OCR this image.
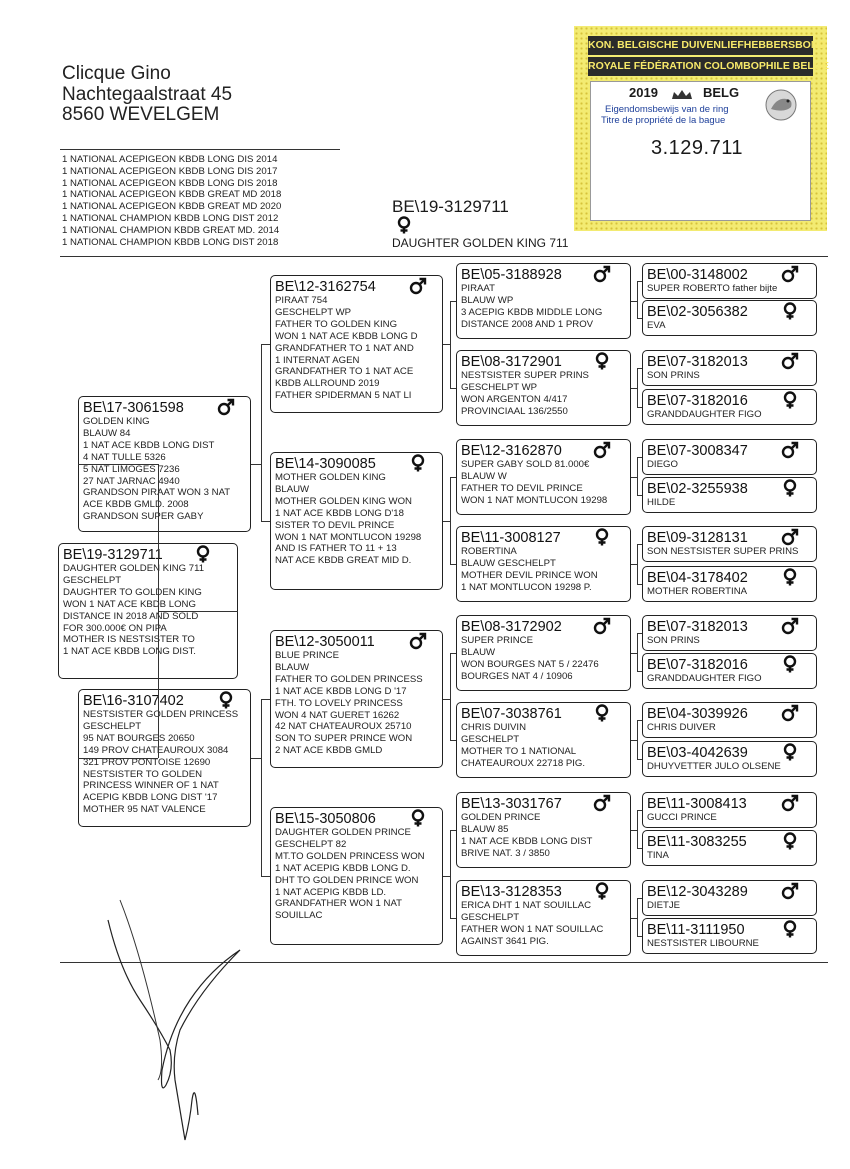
Clicque Gino
Nachtegaalstraat 45
8560 WEVELGEM
1 NATIONAL ACEPIGEON KBDB LONG DIS 2014
1 NATIONAL ACEPIGEON KBDB LONG DIS 2017
1 NATIONAL ACEPIGEON KBDB LONG DIS 2018
1 NATIONAL ACEPIGEON KBDB GREAT MD 2018
1 NATIONAL ACEPIGEON KBDB GREAT MD 2020
1 NATIONAL CHAMPION KBDB LONG DIST 2012
1 NATIONAL CHAMPION KBDB GREAT MD. 2014
1 NATIONAL CHAMPION KBDB LONG DIST 2018
KON. BELGISCHE DUIVENLIEFHEBBERSBOND
ROYALE FÉDÉRATION COLOMBOPHILE BELGE
2019	BELG
Eigendomsbewijs van de ring
Titre de propriété de la bague
3.129.711
BE\19-3129711
DAUGHTER GOLDEN KING 711
BE\19-3129711
DAUGHTER GOLDEN KING 711
GESCHELPT
DAUGHTER TO GOLDEN KING
WON 1 NAT ACE KBDB LONG
DISTANCE IN 2018 AND SOLD
FOR 300.000€ ON PIPA
MOTHER IS NESTSISTER TO
1 NAT ACE KBDB LONG DIST.
BE\17-3061598
GOLDEN KING
BLAUW 84
1 NAT ACE KBDB LONG DIST
4 NAT TULLE 5326
5 NAT LIMOGES 7236
27 NAT JARNAC 4940
GRANDSON PIRAAT WON 3 NAT
ACE KBDB GMLD. 2008
GRANDSON SUPER GABY
BE\16-3107402
NESTSISTER GOLDEN PRINCESS
GESCHELPT
95 NAT BOURGES 20650
149 PROV CHATEAUROUX 3084
321 PROV PONTOISE 12690
NESTSISTER TO GOLDEN
PRINCESS WINNER OF 1 NAT
ACEPIG KBDB LONG DIST '17
MOTHER 95 NAT VALENCE
BE\12-3162754
PIRAAT 754
GESCHELPT WP
FATHER TO GOLDEN KING
WON 1 NAT ACE KBDB LONG D
GRANDFATHER TO 1 NAT AND
1 INTERNAT AGEN
GRANDFATHER TO 1 NAT ACE
KBDB ALLROUND 2019
FATHER SPIDERMAN 5 NAT LI
BE\14-3090085
MOTHER GOLDEN KING
BLAUW
MOTHER GOLDEN KING WON
1 NAT ACE KBDB LONG D'18
SISTER TO DEVIL PRINCE
WON 1 NAT MONTLUCON 19298
AND IS FATHER TO 11 + 13
NAT ACE KBDB GREAT MID D.
BE\12-3050011
BLUE PRINCE
BLAUW
FATHER TO GOLDEN PRINCESS
1 NAT ACE KBDB LONG D '17
FTH. TO LOVELY PRINCESS
WON 4 NAT GUERET 16262
42 NAT CHATEAUROUX 25710
SON TO SUPER PRINCE WON
2 NAT ACE KBDB GMLD
BE\15-3050806
DAUGHTER GOLDEN PRINCE
GESCHELPT 82
MT.TO GOLDEN PRINCESS WON
1 NAT ACEPIG KBDB LONG D.
DHT TO GOLDEN PRINCE WON
1 NAT ACEPIG KBDB LD.
GRANDFATHER WON 1 NAT
SOUILLAC
BE\05-3188928
PIRAAT
BLAUW WP
3 ACEPIG KBDB MIDDLE LONG
DISTANCE 2008 AND 1 PROV
BE\08-3172901
NESTSISTER SUPER PRINS
GESCHELPT WP
WON ARGENTON 4/417
PROVINCIAAL 136/2550
BE\12-3162870
SUPER GABY SOLD 81.000€
BLAUW W
FATHER TO DEVIL PRINCE
WON 1 NAT MONTLUCON 19298
BE\11-3008127
ROBERTINA
BLAUW GESCHELPT
MOTHER DEVIL PRINCE WON
1 NAT MONTLUCON 19298 P.
BE\08-3172902
SUPER PRINCE
BLAUW
WON BOURGES NAT 5 / 22476
BOURGES NAT 4 / 10906
BE\07-3038761
CHRIS DUIVIN
GESCHELPT
MOTHER TO 1 NATIONAL
CHATEAUROUX 22718 PIG.
BE\13-3031767
GOLDEN PRINCE
BLAUW 85
1 NAT ACE KBDB LONG DIST
BRIVE NAT. 3 / 3850
BE\13-3128353
ERICA DHT 1 NAT SOUILLAC
GESCHELPT
FATHER WON 1 NAT SOUILLAC
AGAINST 3641 PIG.
BE\00-3148002
SUPER ROBERTO father bijte
BE\02-3056382
EVA
BE\07-3182013
SON PRINS
BE\07-3182016
GRANDDAUGHTER FIGO
BE\07-3008347
DIEGO
BE\02-3255938
HILDE
BE\09-3128131
SON NESTSISTER SUPER PRINS
BE\04-3178402
MOTHER ROBERTINA
BE\07-3182013
SON PRINS
BE\07-3182016
GRANDDAUGHTER FIGO
BE\04-3039926
CHRIS DUIVER
BE\03-4042639
DHUYVETTER JULO OLSENE
BE\11-3008413
GUCCI PRINCE
BE\11-3083255
TINA
BE\12-3043289
DIETJE
BE\11-3111950
NESTSISTER LIBOURNE
